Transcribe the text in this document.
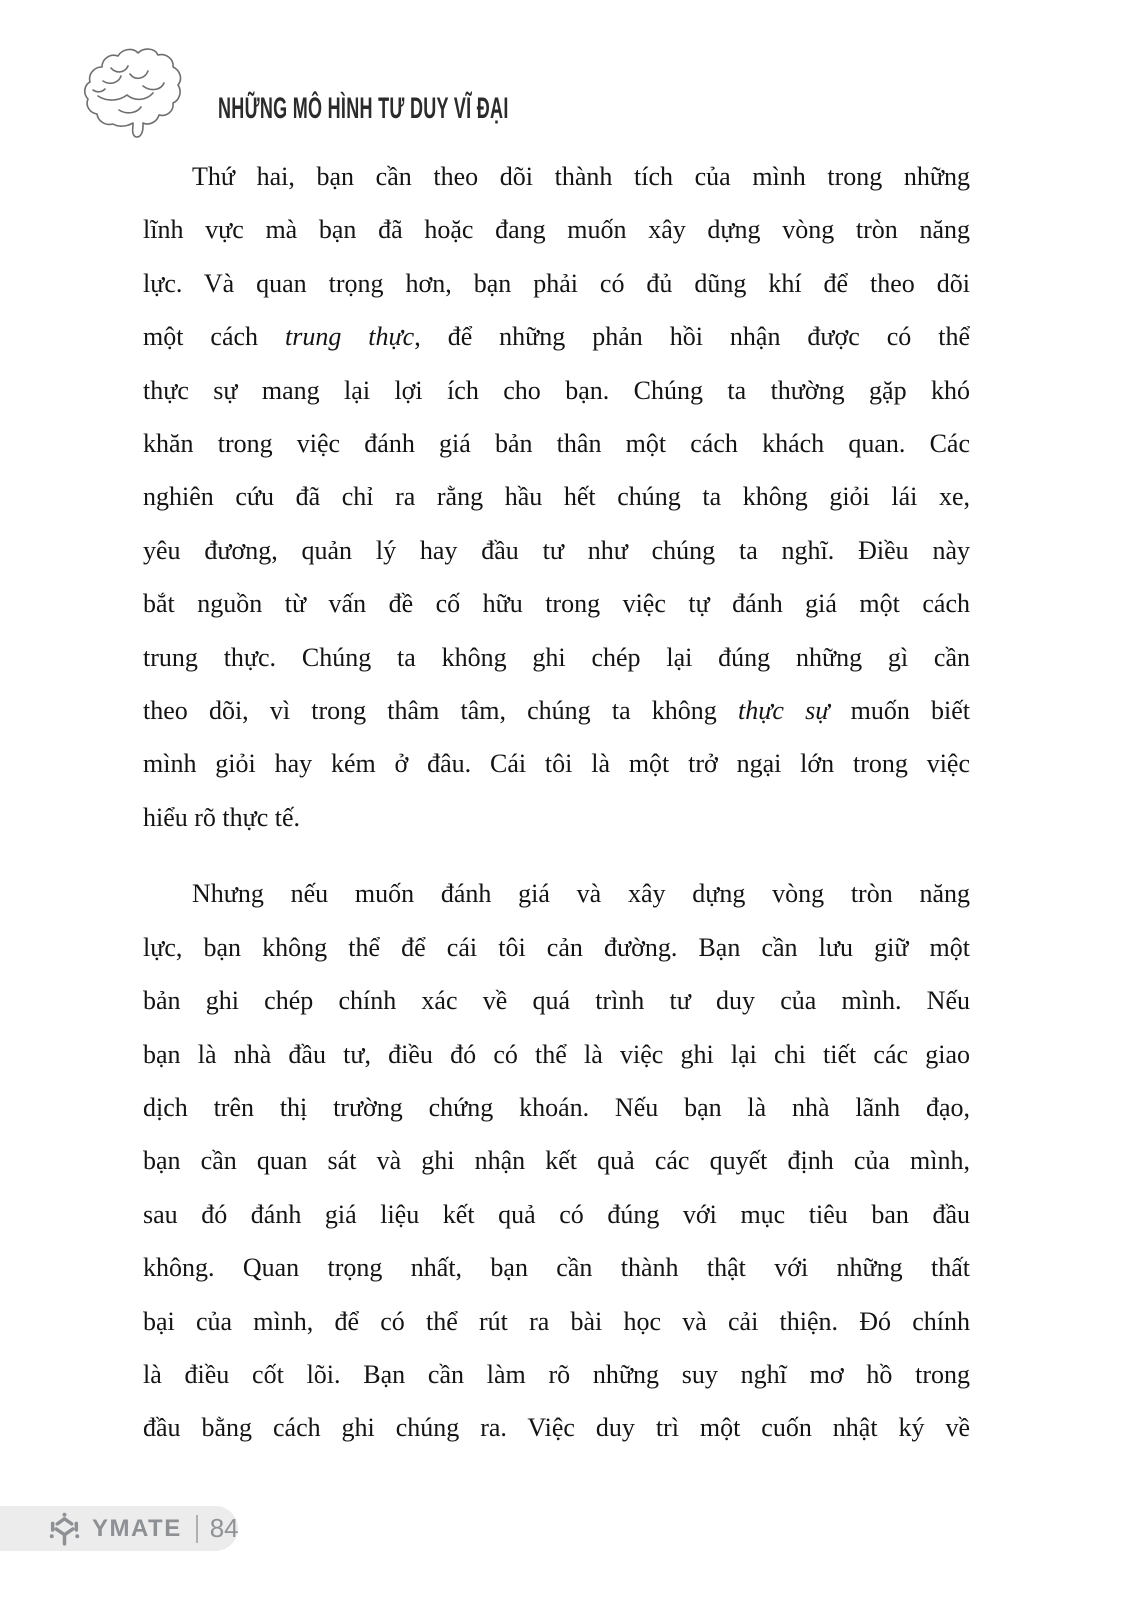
NHỮNG MÔ HÌNH TƯ DUY VĨ ĐẠI
Thứ hai, bạn cần theo dõi thành tích của mình trong những
lĩnh vực mà bạn đã hoặc đang muốn xây dựng vòng tròn năng
lực. Và quan trọng hơn, bạn phải có đủ dũng khí để theo dõi
một cách trung thực, để những phản hồi nhận được có thể
thực sự mang lại lợi ích cho bạn. Chúng ta thường gặp khó
khăn trong việc đánh giá bản thân một cách khách quan. Các
nghiên cứu đã chỉ ra rằng hầu hết chúng ta không giỏi lái xe,
yêu đương, quản lý hay đầu tư như chúng ta nghĩ. Điều này
bắt nguồn từ vấn đề cố hữu trong việc tự đánh giá một cách
trung thực. Chúng ta không ghi chép lại đúng những gì cần
theo dõi, vì trong thâm tâm, chúng ta không thực sự muốn biết
mình giỏi hay kém ở đâu. Cái tôi là một trở ngại lớn trong việc
hiểu rõ thực tế.
Nhưng nếu muốn đánh giá và xây dựng vòng tròn năng
lực, bạn không thể để cái tôi cản đường. Bạn cần lưu giữ một
bản ghi chép chính xác về quá trình tư duy của mình. Nếu
bạn là nhà đầu tư, điều đó có thể là việc ghi lại chi tiết các giao
dịch trên thị trường chứng khoán. Nếu bạn là nhà lãnh đạo,
bạn cần quan sát và ghi nhận kết quả các quyết định của mình,
sau đó đánh giá liệu kết quả có đúng với mục tiêu ban đầu
không. Quan trọng nhất, bạn cần thành thật với những thất
bại của mình, để có thể rút ra bài học và cải thiện. Đó chính
là điều cốt lõi. Bạn cần làm rõ những suy nghĩ mơ hồ trong
đầu bằng cách ghi chúng ra. Việc duy trì một cuốn nhật ký về
YMATE 84
